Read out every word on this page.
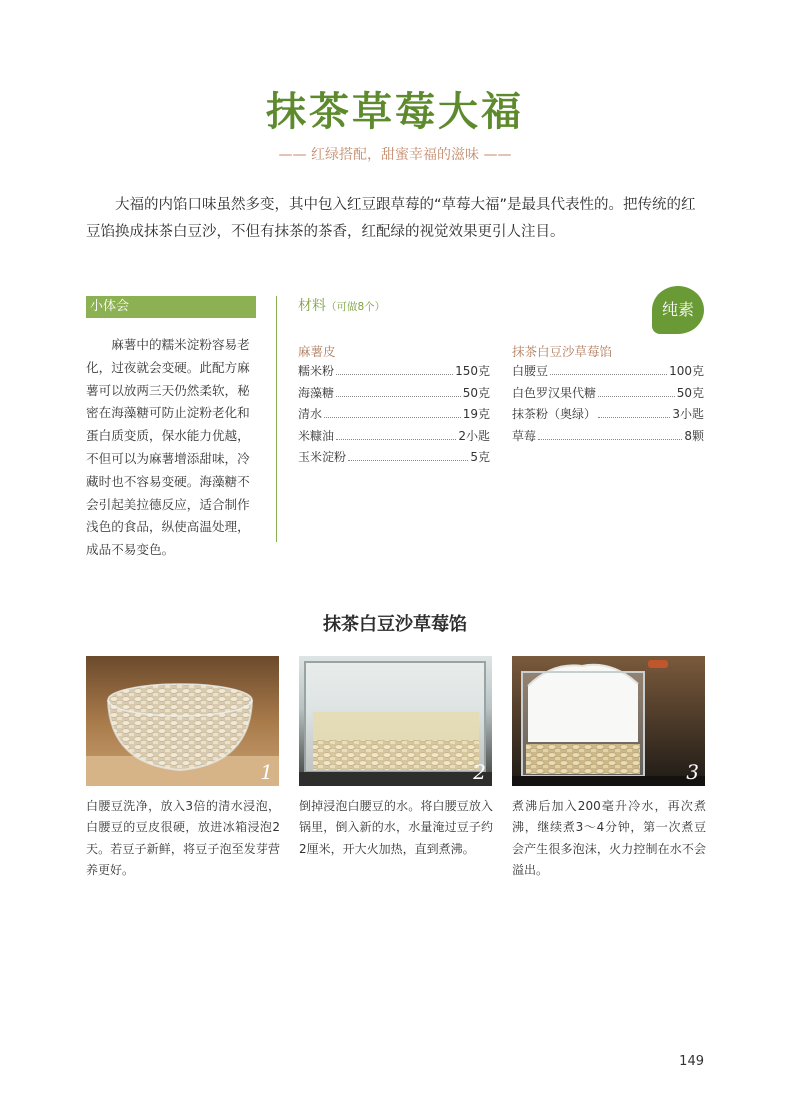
抹茶草莓大福
—— 红绿搭配，甜蜜幸福的滋味 ——

大福的内馅口味虽然多变，其中包入红豆跟草莓的“草莓大福”是最具代表性的。把传统的红豆馅换成抹茶白豆沙，不但有抹茶的茶香，红配绿的视觉效果更引人注目。

小体会

麻薯中的糯米淀粉容易老化，过夜就会变硬。此配方麻薯可以放两三天仍然柔软，秘密在海藻糖可防止淀粉老化和蛋白质变质，保水能力优越，不但可以为麻薯增添甜味，冷藏时也不容易变硬。海藻糖不会引起美拉德反应，适合制作浅色的食品，纵使高温处理，成品不易变色。

材料（可做8个）	纯素
麻薯皮
糯米粉	150克
海藻糖	50克
清水	19克
米糠油	2小匙
玉米淀粉	5克
抹茶白豆沙草莓馅
白腰豆	100克
白色罗汉果代糖	50克
抹茶粉（奥绿）	3小匙
草莓	8颗
抹茶白豆沙草莓馅
1	2	3

白腰豆洗净，放入3倍的清水浸泡，白腰豆的豆皮很硬，放进冰箱浸泡2天。若豆子新鲜，将豆子泡至发芽营养更好。

倒掉浸泡白腰豆的水。将白腰豆放入锅里，倒入新的水，水量淹过豆子约2厘米，开大火加热，直到煮沸。

煮沸后加入200毫升冷水，再次煮沸，继续煮3～4分钟，第一次煮豆会产生很多泡沫，火力控制在水不会溢出。

149
